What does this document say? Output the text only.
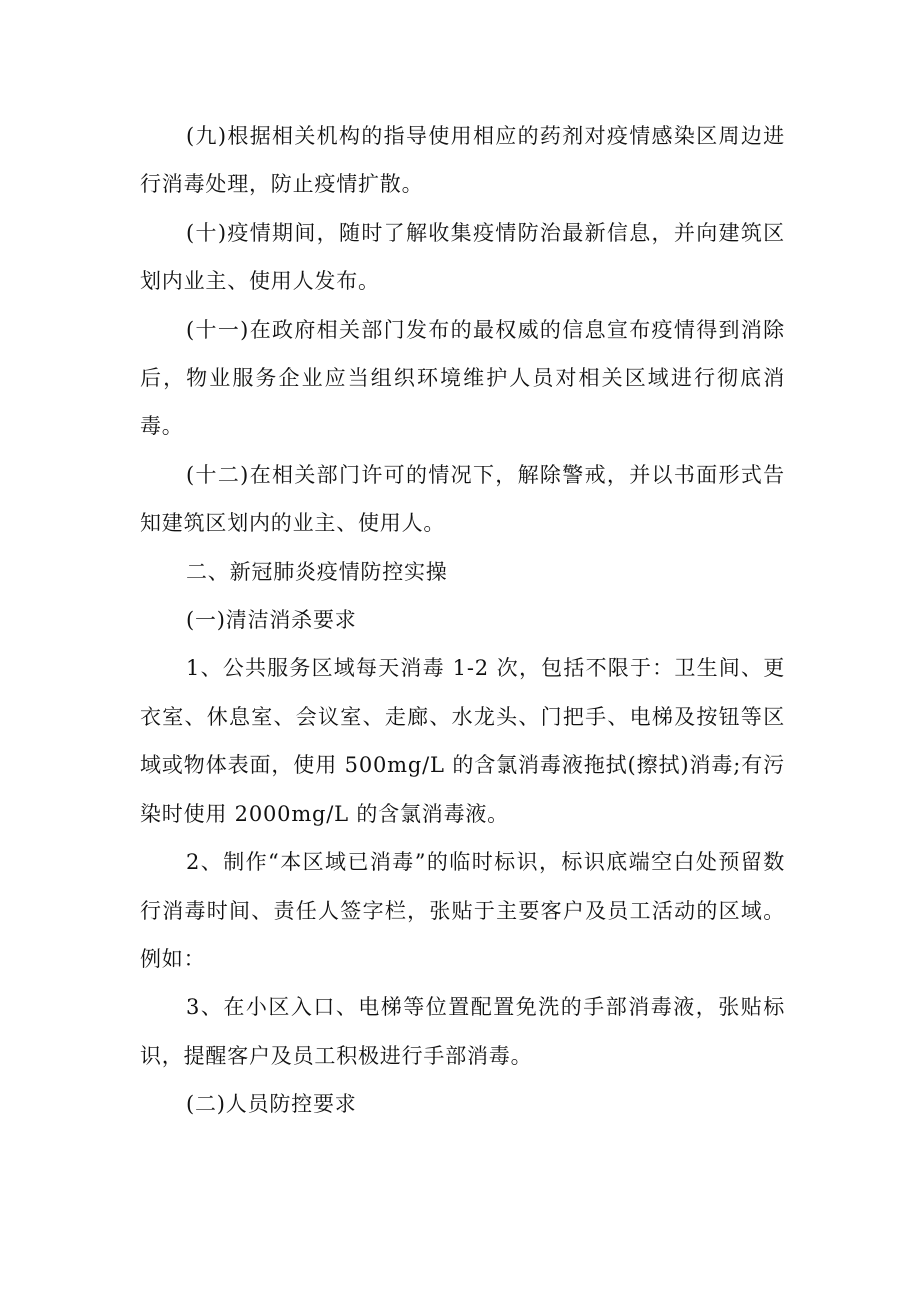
(九)根据相关机构的指导使用相应的药剂对疫情感染区周边进行消毒处理，防止疫情扩散。

(十)疫情期间，随时了解收集疫情防治最新信息，并向建筑区划内业主、使用人发布。

(十一)在政府相关部门发布的最权威的信息宣布疫情得到消除后，物业服务企业应当组织环境维护人员对相关区域进行彻底消毒。

(十二)在相关部门许可的情况下，解除警戒，并以书面形式告知建筑区划内的业主、使用人。

二、新冠肺炎疫情防控实操

(一)清洁消杀要求

1、公共服务区域每天消毒 1-2 次，包括不限于：卫生间、更衣室、休息室、会议室、走廊、水龙头、门把手、电梯及按钮等区域或物体表面，使用 500mg/L 的含氯消毒液拖拭(擦拭)消毒;有污染时使用 2000mg/L 的含氯消毒液。

2、制作“本区域已消毒”的临时标识，标识底端空白处预留数行消毒时间、责任人签字栏，张贴于主要客户及员工活动的区域。例如：

3、在小区入口、电梯等位置配置免洗的手部消毒液，张贴标识，提醒客户及员工积极进行手部消毒。

(二)人员防控要求
